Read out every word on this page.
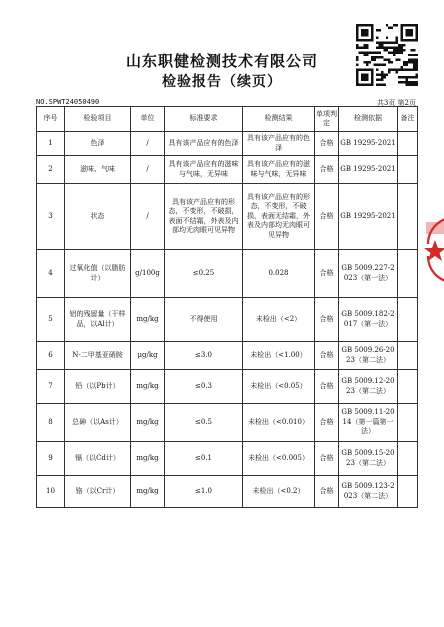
山东职健检测技术有限公司
检验报告（续页）
NO.SPWT24050490	共3页 第2页
序号	检验项目	单位	标准要求	检测结果	单项判定	检测依据	备注
1	色泽	/	具有该产品应有的色泽	具有该产品应有的色泽	合格	GB 19295-2021	
2	滋味、气味	/	具有该产品应有的滋味与气味，无异味	具有该产品应有的滋味与气味，无异味	合格	GB 19295-2021	
3	状态	/	具有该产品应有的形态，不变形，不破损，表面不结霜，外表及内部均无肉眼可见异物	具有该产品应有的形态，不变形，不破损，表面无结霜，外表及内部均无肉眼可见异物	合格	GB 19295-2021	
4	过氧化值（以脂肪计）	g/100g	≤0.25	0.028	合格	GB 5009.227-2023（第一法）	
5	铝的残留量（干样品，以Al计）	mg/kg	不得使用	未检出（<2）	合格	GB 5009.182-2017（第一法）	
6	N-二甲基亚硝胺	μg/kg	≤3.0	未检出（<1.00）	合格	GB 5009.26-2023（第二法）	
7	铅（以Pb计）	mg/kg	≤0.3	未检出（<0.05）	合格	GB 5009.12-2023（第二法）	
8	总砷（以As计）	mg/kg	≤0.5	未检出（<0.010）	合格	GB 5009.11-2014（第一篇第一法）	
9	镉（以Cd计）	mg/kg	≤0.1	未检出（<0.005）	合格	GB 5009.15-2023（第二法）	
10	铬（以Cr计）	mg/kg	≤1.0	未检出（<0.2）	合格	GB 5009.123-2023（第二法）	
